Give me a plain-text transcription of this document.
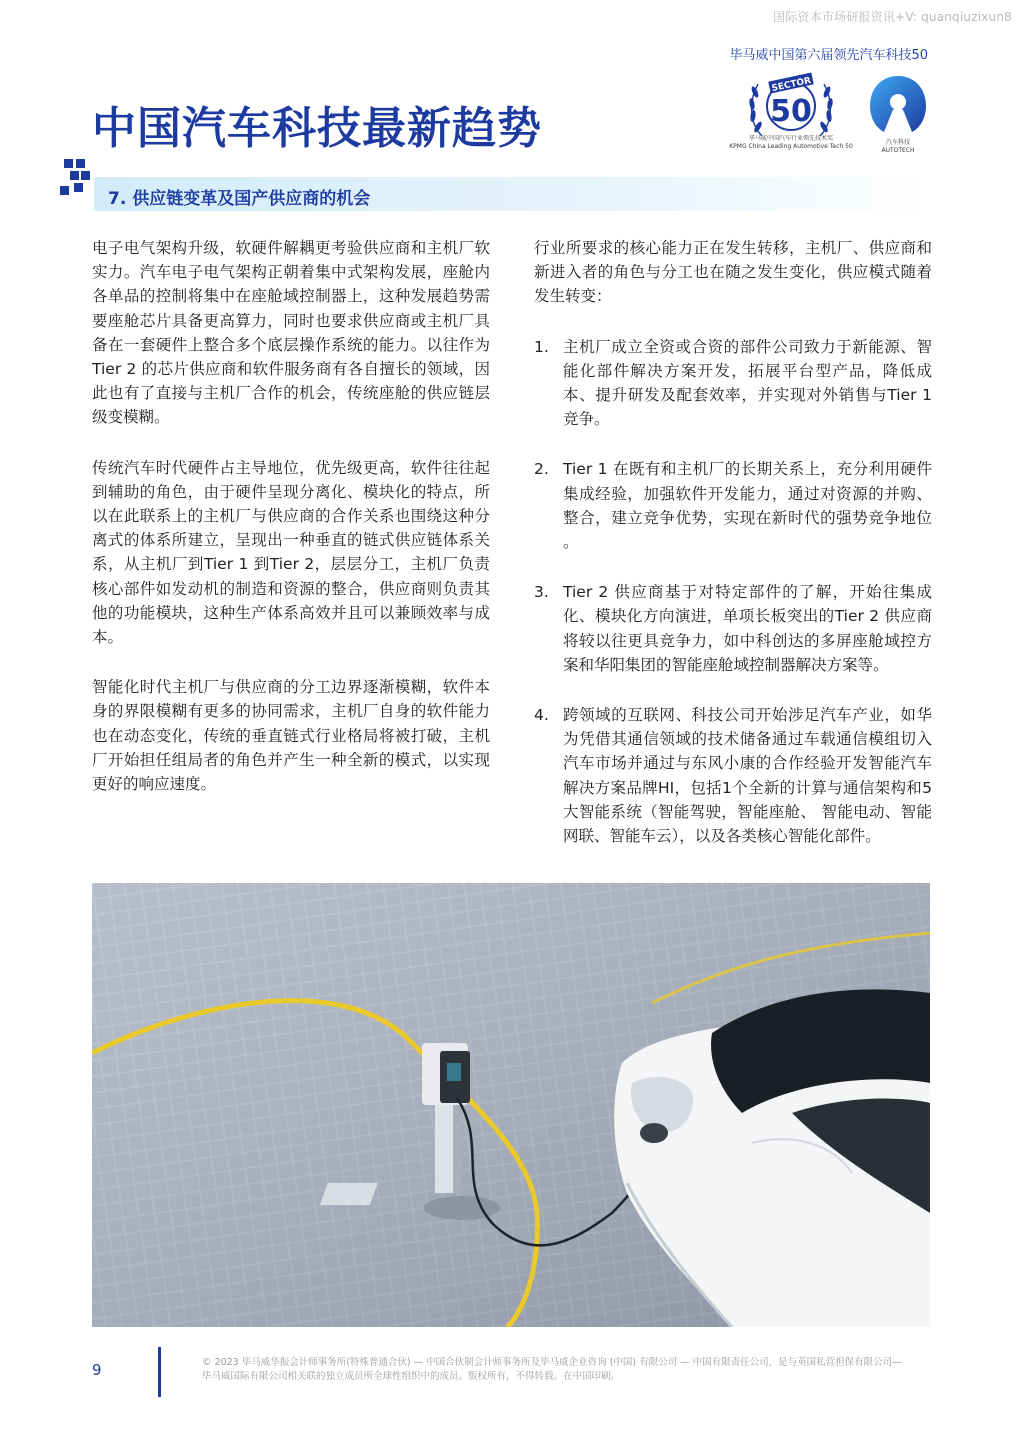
国际资本市场研报资讯+V: quanqiuzixun8
毕马威中国第六届领先汽车科技50
中国汽车科技最新趋势
SECTOR
50
毕马威中国汽车行业领先技术奖
KPMG China Leading Automotive Tech 50
汽车科技
AUTOTECH
7. 供应链变革及国产供应商的机会

电子电气架构升级，软硬件解耦更考验供应商和主机厂软实力。汽车电子电气架构正朝着集中式架构发展，座舱内各单品的控制将集中在座舱域控制器上，这种发展趋势需要座舱芯片具备更高算力，同时也要求供应商或主机厂具备在一套硬件上整合多个底层操作系统的能力。以往作为Tier 2 的芯片供应商和软件服务商有各自擅长的领域，因此也有了直接与主机厂合作的机会，传统座舱的供应链层级变模糊。

传统汽车时代硬件占主导地位，优先级更高，软件往往起到辅助的角色，由于硬件呈现分离化、模块化的特点，所以在此联系上的主机厂与供应商的合作关系也围绕这种分离式的体系所建立，呈现出一种垂直的链式供应链体系关系，从主机厂到Tier 1 到Tier 2，层层分工，主机厂负责核心部件如发动机的制造和资源的整合，供应商则负责其他的功能模块，这种生产体系高效并且可以兼顾效率与成本。

智能化时代主机厂与供应商的分工边界逐渐模糊，软件本身的界限模糊有更多的协同需求，主机厂自身的软件能力也在动态变化，传统的垂直链式行业格局将被打破，主机厂开始担任组局者的角色并产生一种全新的模式，以实现更好的响应速度。

行业所要求的核心能力正在发生转移，主机厂、供应商和新进入者的角色与分工也在随之发生变化，供应模式随着发生转变：

1. 主机厂成立全资或合资的部件公司致力于新能源、智能化部件解决方案开发，拓展平台型产品，降低成本、提升研发及配套效率，并实现对外销售与Tier 1 竞争。
2. Tier 1 在既有和主机厂的长期关系上，充分利用硬件集成经验，加强软件开发能力，通过对资源的并购、整合，建立竞争优势，实现在新时代的强势竞争地位 。
3. Tier 2 供应商基于对特定部件的了解，开始往集成化、模块化方向演进，单项长板突出的Tier 2 供应商将较以往更具竞争力，如中科创达的多屏座舱域控方案和华阳集团的智能座舱域控制器解决方案等。
4. 跨领域的互联网、科技公司开始涉足汽车产业，如华为凭借其通信领域的技术储备通过车载通信模组切入汽车市场并通过与东风小康的合作经验开发智能汽车解决方案品牌HI，包括1个全新的计算与通信架构和5大智能系统（智能驾驶，智能座舱、 智能电动、智能网联、智能车云），以及各类核心智能化部件。
9	© 2023 毕马威华振会计师事务所(特殊普通合伙) — 中国合伙制会计师事务所及毕马威企业咨询 (中国) 有限公司 — 中国有限责任公司，是与英国私营担保有限公司—
毕马威国际有限公司相关联的独立成员所全球性组织中的成员。版权所有，不得转载。在中国印刷。
